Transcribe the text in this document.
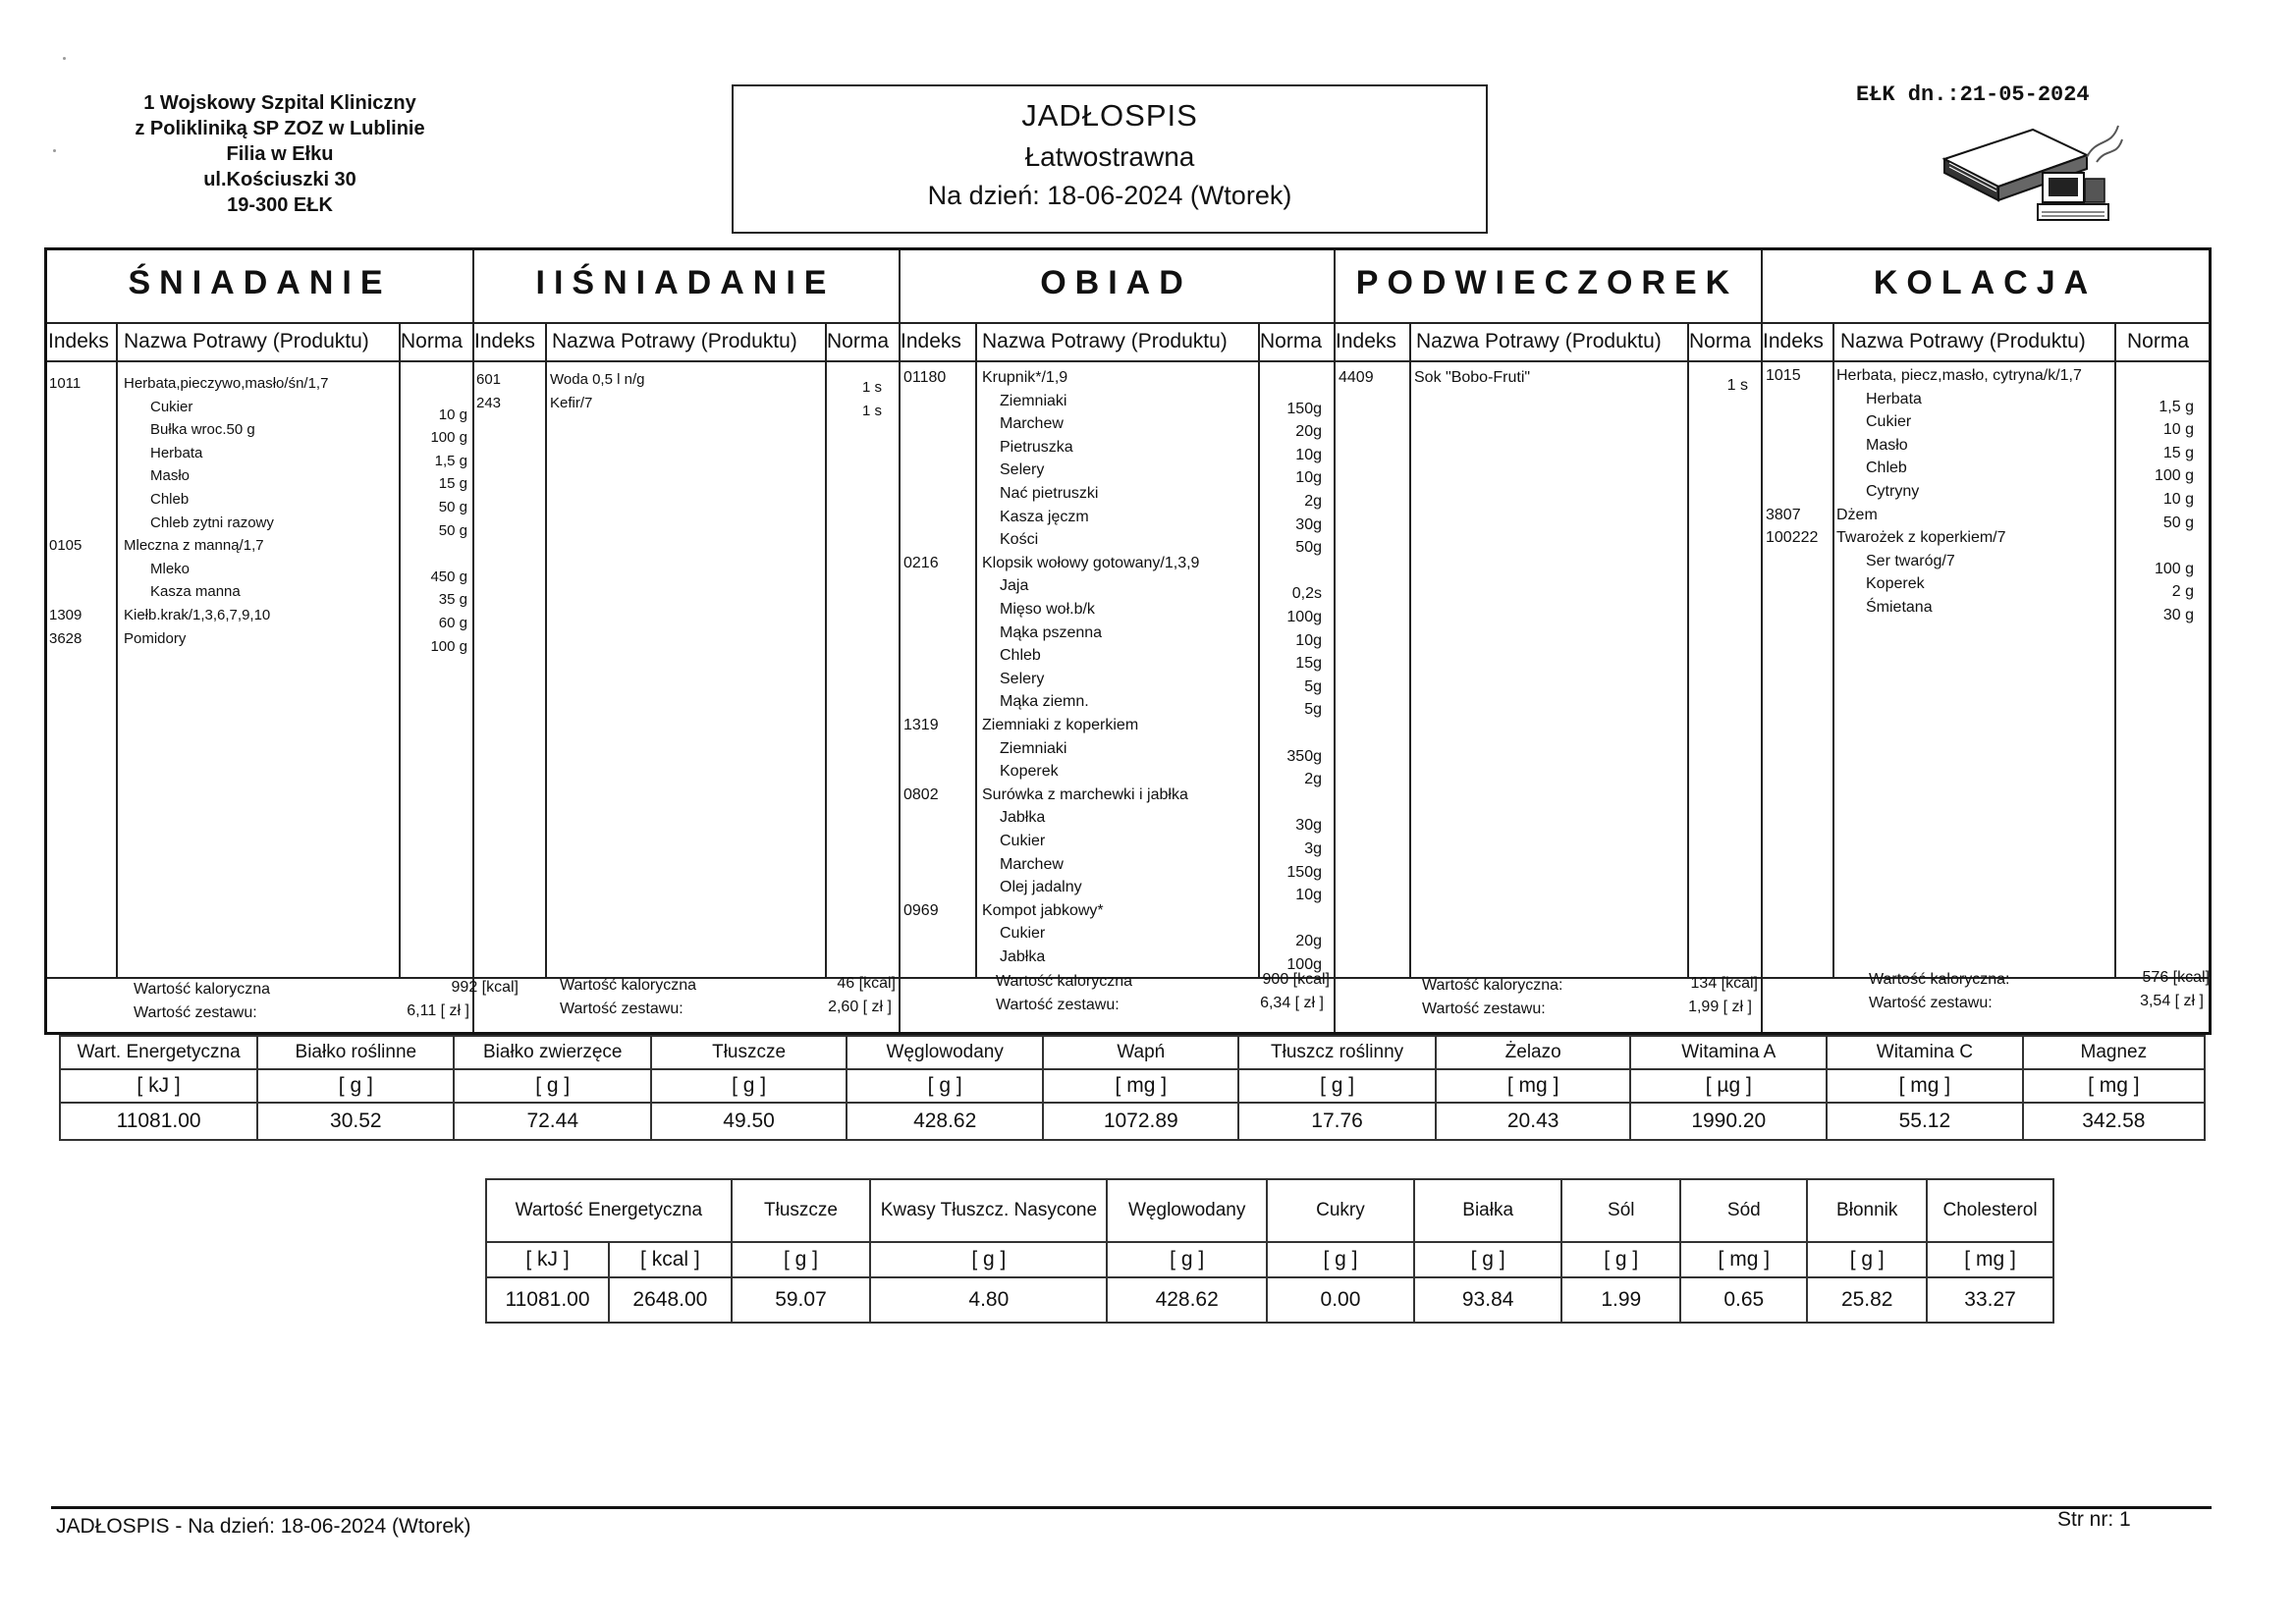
1 Wojskowy Szpital Kliniczny
z Polikliniką SP ZOZ w Lublinie
Filia w Ełku
ul.Kościuszki 30
19-300 EŁK
JADŁOSPIS
Łatwostrawna
Na dzień: 18-06-2024 (Wtorek)
EŁK dn.:21-05-2024
ŚNIADANIE	IIŚNIADANIE	OBIAD	PODWIECZOREK	KOLACJA
Indeks Nazwa Potrawy (Produktu) Norma Indeks Nazwa Potrawy (Produktu) Norma Indeks Nazwa Potrawy (Produktu) Norma Indeks Nazwa Potrawy (Produktu) Norma Indeks Nazwa Potrawy (Produktu) Norma
1011	Herbata,pieczywo,masło/śn/1,7
Cukier	10 g
Bułka wroc.50 g	100 g
Herbata	1,5 g
Masło	15 g
Chleb	50 g
Chleb zytni razowy	50 g
0105	Mleczna z manną/1,7
Mleko	450 g
Kasza manna	35 g
1309	Kiełb.krak/1,3,6,7,9,10	60 g
3628	Pomidory	100 g
601	Woda 0,5 l n/g	1 s
243	Kefir/7	1 s
01180 Krupnik*/1,9
Ziemniaki	150g
Marchew	20g
Pietruszka	10g
Selery	10g
Nać pietruszki	2g
Kasza jęczm	30g
Kości	50g
0216	Klopsik wołowy gotowany/1,3,9
Jaja	0,2s
Mięso woł.b/k	100g
Mąka pszenna	10g
Chleb	15g
Selery	5g
Mąka ziemn.	5g
1319	Ziemniaki z koperkiem
Ziemniaki	350g
Koperek	2g
0802	Surówka z marchewki i jabłka
Jabłka	30g
Cukier	3g
Marchew	150g
Olej jadalny	10g
0969	Kompot jabkowy*
Cukier	20g
Jabłka	100g
4409	Sok "Bobo-Fruti"	1 s
1015 Herbata, piecz,masło, cytryna/k/1,7
Herbata	1,5 g
Cukier	10 g
Masło	15 g
Chleb	100 g
Cytryny	10 g
3807 Dżem	50 g
100222 Twarożek z koperkiem/7
Ser twaróg/7	100 g
Koperek	2 g
Śmietana	30 g
Wartość kaloryczna
Wartość zestawu:
992 [kcal]
6,11 [ zł ]
Wartość kaloryczna
Wartość zestawu:
46 [kcal]
2,60 [ zł ]
Wartość kaloryczna
Wartość zestawu:
900 [kcal]
6,34 [ zł ]
Wartość kaloryczna:
Wartość zestawu:
134 [kcal]
1,99 [ zł ]
Wartość kaloryczna:
Wartość zestawu:
576 [kcal]
3,54 [ zł ]
Wart. Energetyczna	Białko roślinne	Białko zwierzęce	Tłuszcze	Węglowodany	Wapń	Tłuszcz roślinny	Żelazo	Witamina A	Witamina C	Magnez
[ kJ ]	[ g ]	[ g ]	[ g ]	[ g ]	[ mg ]	[ g ]	[ mg ]	[ µg ]	[ mg ]	[ mg ]
11081.00	30.52	72.44	49.50	428.62	1072.89	17.76	20.43	1990.20	55.12	342.58
Wartość Energetyczna		Tłuszcze	Kwasy Tłuszcz. Nasycone	Węglowodany	Cukry	Białka	Sól	Sód	Błonnik	Cholesterol
[ kJ ]	[ kcal ]	[ g ]	[ g ]	[ g ]	[ g ]	[ g ]	[ g ]	[ mg ]	[ g ]	[ mg ]
11081.00	2648.00	59.07	4.80	428.62	0.00	93.84	1.99	0.65	25.82	33.27
JADŁOSPIS - Na dzień: 18-06-2024 (Wtorek)	Str nr: 1
